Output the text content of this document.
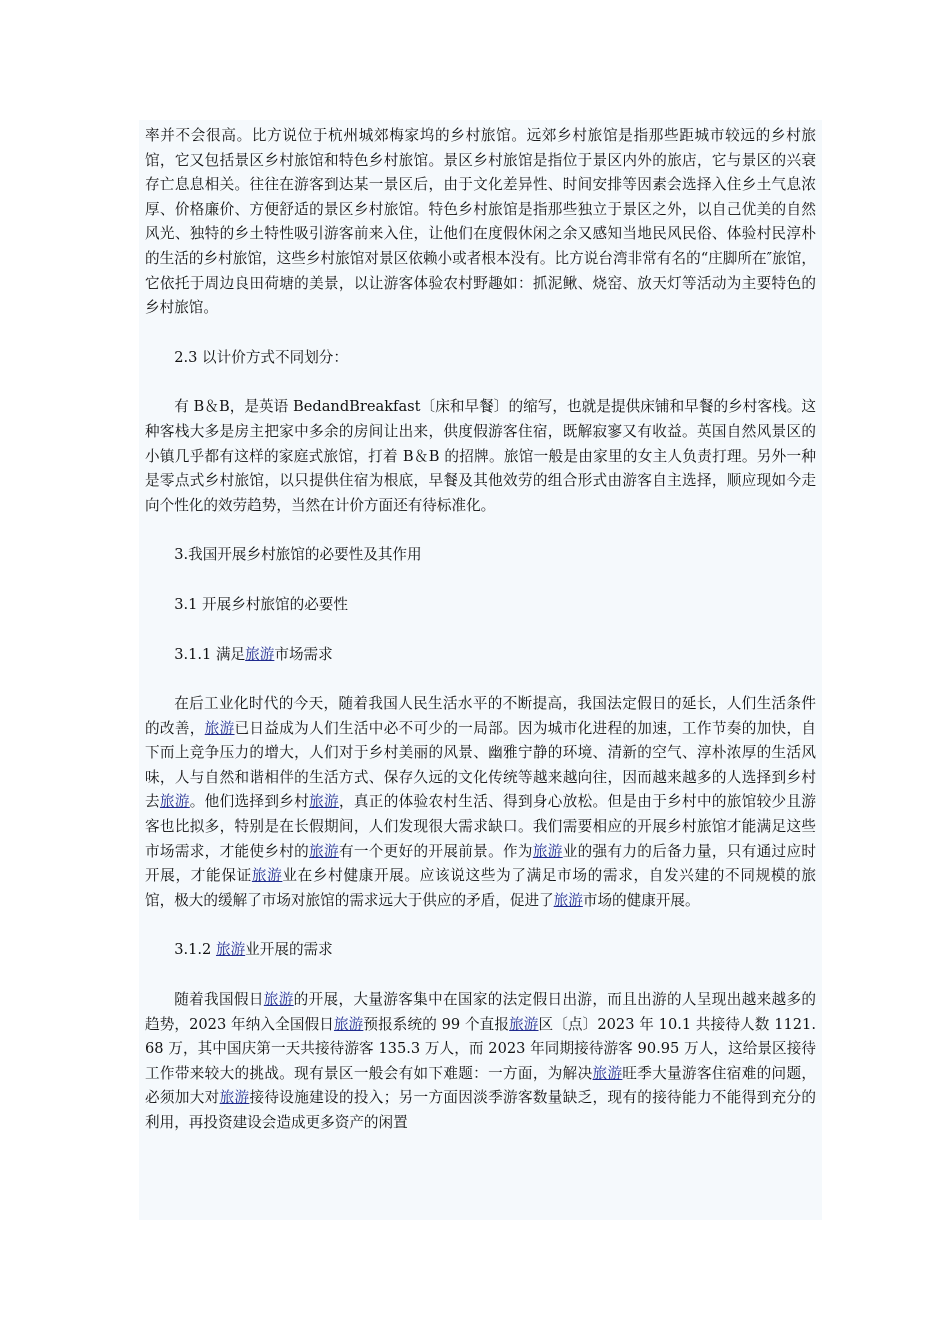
率并不会很高。比方说位于杭州城郊梅家坞的乡村旅馆。远郊乡村旅馆是指那些距城市较远的乡村旅馆，它又包括景区乡村旅馆和特色乡村旅馆。景区乡村旅馆是指位于景区内外的旅店，它与景区的兴衰存亡息息相关。往往在游客到达某一景区后，由于文化差异性、时间安排等因素会选择入住乡土气息浓厚、价格廉价、方便舒适的景区乡村旅馆。特色乡村旅馆是指那些独立于景区之外，以自己优美的自然风光、独特的乡土特性吸引游客前来入住，让他们在度假休闲之余又感知当地民风民俗、体验村民淳朴的生活的乡村旅馆，这些乡村旅馆对景区依赖小或者根本没有。比方说台湾非常有名的“庄脚所在″旅馆，它依托于周边良田荷塘的美景，以让游客体验农村野趣如：抓泥鳅、烧窑、放天灯等活动为主要特色的乡村旅馆。

2.3 以计价方式不同划分：

有 B＆B，是英语 BedandBreakfast〔床和早餐〕的缩写，也就是提供床铺和早餐的乡村客栈。这种客栈大多是房主把家中多余的房间让出来，供度假游客住宿，既解寂寥又有收益。英国自然风景区的小镇几乎都有这样的家庭式旅馆，打着 B＆B 的招牌。旅馆一般是由家里的女主人负责打理。另外一种是零点式乡村旅馆，以只提供住宿为根底，早餐及其他效劳的组合形式由游客自主选择，顺应现如今走向个性化的效劳趋势，当然在计价方面还有待标准化。

3.我国开展乡村旅馆的必要性及其作用

3.1 开展乡村旅馆的必要性

3.1.1 满足旅游市场需求

在后工业化时代的今天，随着我国人民生活水平的不断提高，我国法定假日的延长，人们生活条件的改善，旅游已日益成为人们生活中必不可少的一局部。因为城市化进程的加速，工作节奏的加快，自下而上竞争压力的增大，人们对于乡村美丽的风景、幽雅宁静的环境、清新的空气、淳朴浓厚的生活风味，人与自然和谐相伴的生活方式、保存久远的文化传统等越来越向往，因而越来越多的人选择到乡村去旅游。他们选择到乡村旅游，真正的体验农村生活、得到身心放松。但是由于乡村中的旅馆较少且游客也比拟多，特别是在长假期间，人们发现很大需求缺口。我们需要相应的开展乡村旅馆才能满足这些市场需求，才能使乡村的旅游有一个更好的开展前景。作为旅游业的强有力的后备力量，只有通过应时开展，才能保证旅游业在乡村健康开展。应该说这些为了满足市场的需求，自发兴建的不同规模的旅馆，极大的缓解了市场对旅馆的需求远大于供应的矛盾，促进了旅游市场的健康开展。

3.1.2 旅游业开展的需求

随着我国假日旅游的开展，大量游客集中在国家的法定假日出游，而且出游的人呈现出越来越多的趋势，2023 年纳入全国假日旅游预报系统的 99 个直报旅游区〔点〕2023 年 10.1 共接待人数 1121.68 万，其中国庆第一天共接待游客 135.3 万人，而 2023 年同期接待游客 90.95 万人，这给景区接待工作带来较大的挑战。现有景区一般会有如下难题：一方面，为解决旅游旺季大量游客住宿难的问题，必须加大对旅游接待设施建设的投入；另一方面因淡季游客数量缺乏，现有的接待能力不能得到充分的利用，再投资建设会造成更多资产的闲置
